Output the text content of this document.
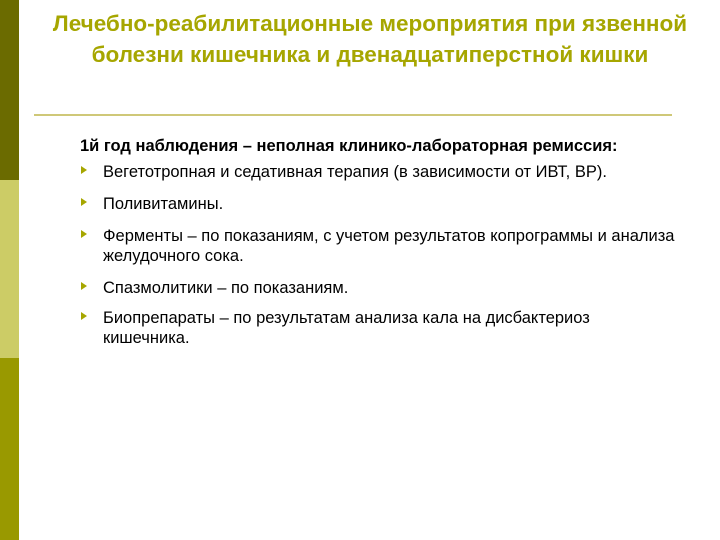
Лечебно-реабилитационные мероприятия при язвенной болезни кишечника и двенадцатиперстной кишки
1й год наблюдения – неполная клинико-лабораторная ремиссия:
Вегетотропная и седативная терапия (в зависимости от ИВТ, ВР).
Поливитамины.
Ферменты – по показаниям, с учетом результатов копрограммы и анализа желудочного сока.
Спазмолитики – по показаниям.
Биопрепараты – по результатам анализа кала на дисбактериоз кишечника.
